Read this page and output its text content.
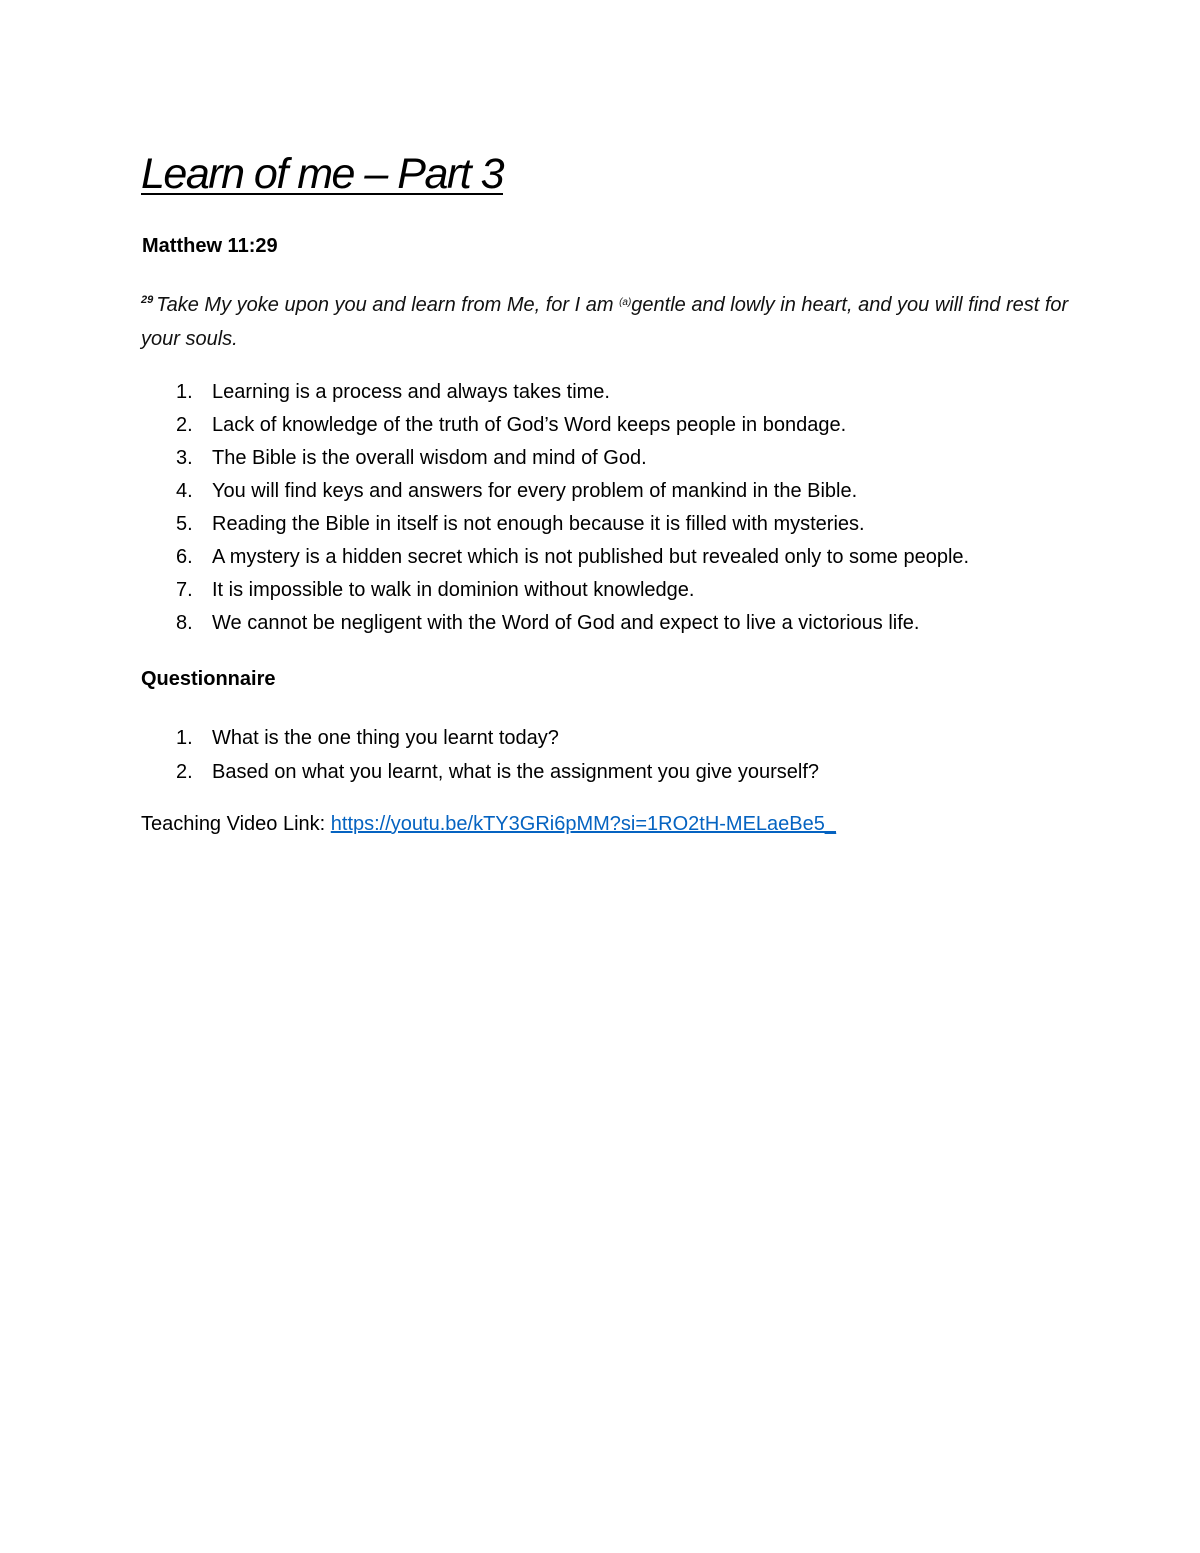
Learn of me – Part 3
Matthew 11:29

$^{29}$ Take My yoke upon you and learn from Me, for I am $^{(a)}$gentle and lowly in heart, and you will find rest for your souls.

1. Learning is a process and always takes time.
2. Lack of knowledge of the truth of God’s Word keeps people in bondage.
3. The Bible is the overall wisdom and mind of God.
4. You will find keys and answers for every problem of mankind in the Bible.
5. Reading the Bible in itself is not enough because it is filled with mysteries.
6. A mystery is a hidden secret which is not published but revealed only to some people.
7. It is impossible to walk in dominion without knowledge.
8. We cannot be negligent with the Word of God and expect to live a victorious life.
Questionnaire
1. What is the one thing you learnt today?
2. Based on what you learnt, what is the assignment you give yourself?
Teaching Video Link: https://youtu.be/kTY3GRi6pMM?si=1RO2tH-MELaeBe5_
